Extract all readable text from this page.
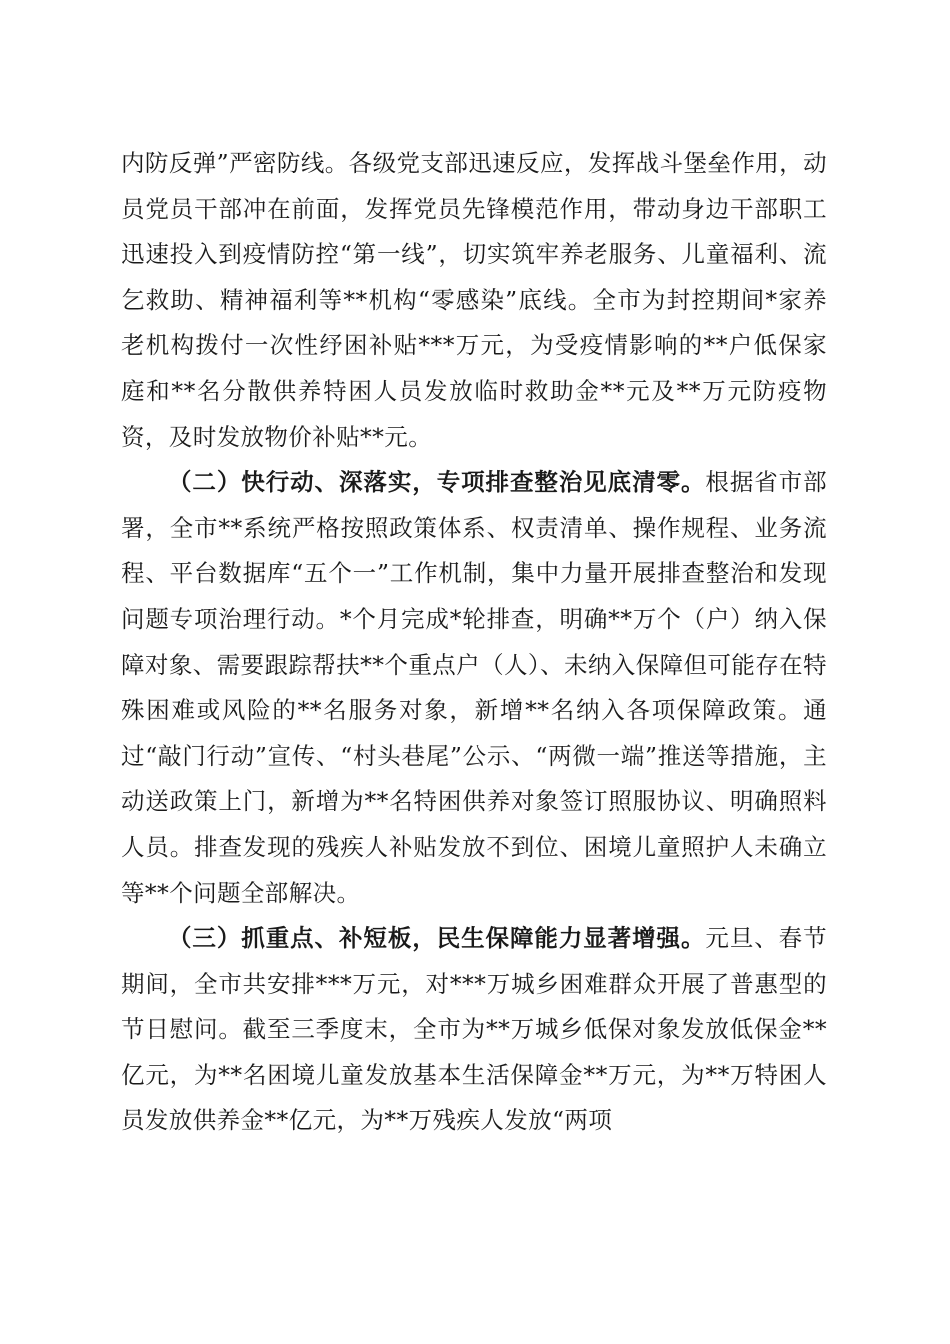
内防反弹”严密防线。各级党支部迅速反应，发挥战斗堡垒作用，动员党员干部冲在前面，发挥党员先锋模范作用，带动身边干部职工迅速投入到疫情防控“第一线”，切实筑牢养老服务、儿童福利、流乞救助、精神福利等**机构“零感染”底线。全市为封控期间*家养老机构拨付一次性纾困补贴***万元，为受疫情影响的**户低保家庭和**名分散供养特困人员发放临时救助金**元及**万元防疫物资，及时发放物价补贴**元。

（二）快行动、深落实，专项排查整治见底清零。根据省市部署，全市**系统严格按照政策体系、权责清单、操作规程、业务流程、平台数据库“五个一”工作机制，集中力量开展排查整治和发现问题专项治理行动。*个月完成*轮排查，明确**万个（户）纳入保障对象、需要跟踪帮扶**个重点户（人）、未纳入保障但可能存在特殊困难或风险的**名服务对象，新增**名纳入各项保障政策。通过“敲门行动”宣传、“村头巷尾”公示、“两微一端”推送等措施，主动送政策上门，新增为**名特困供养对象签订照服协议、明确照料人员。排查发现的残疾人补贴发放不到位、困境儿童照护人未确立等**个问题全部解决。

（三）抓重点、补短板，民生保障能力显著增强。元旦、春节期间，全市共安排***万元，对***万城乡困难群众开展了普惠型的节日慰问。截至三季度末，全市为**万城乡低保对象发放低保金**亿元，为**名困境儿童发放基本生活保障金**万元，为**万特困人员发放供养金**亿元，为**万残疾人发放“两项
